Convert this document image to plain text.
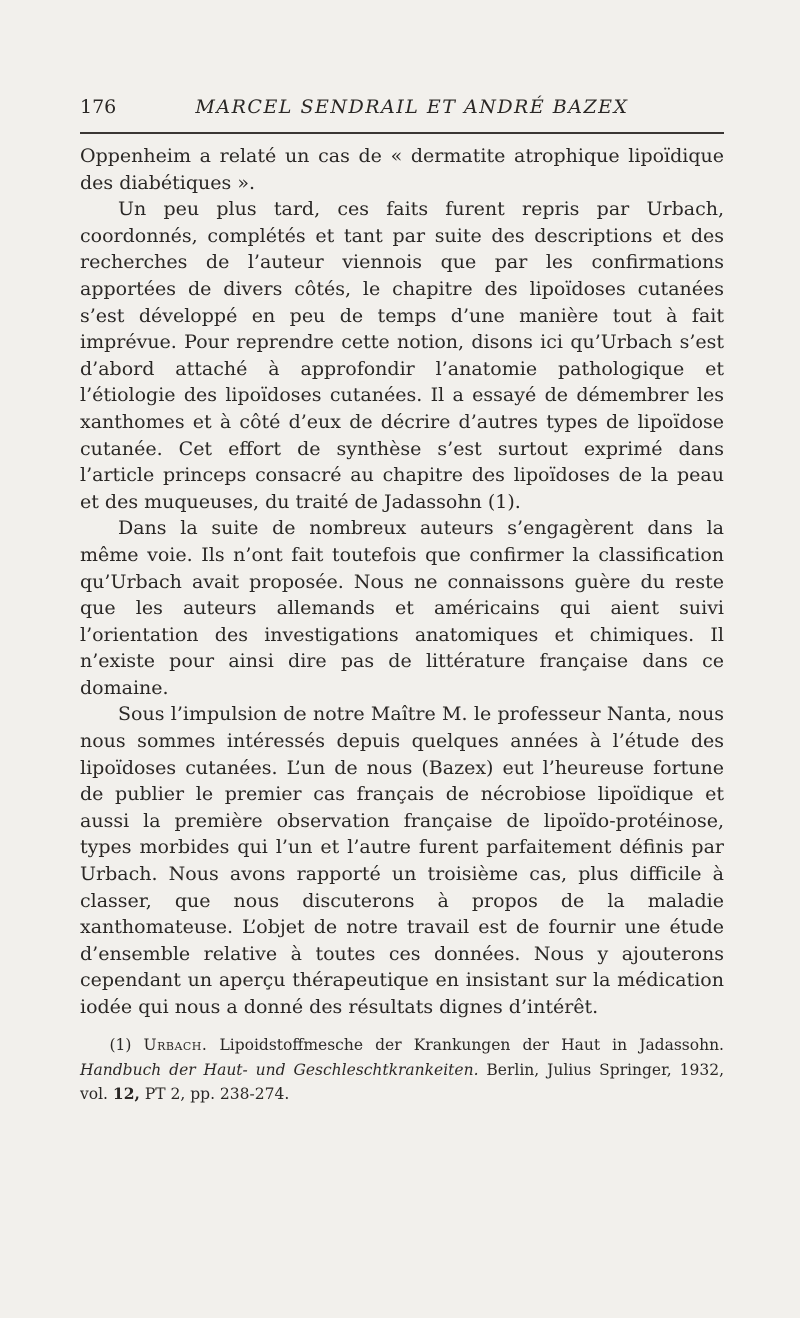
176	MARCEL SENDRAIL ET ANDRÉ BAZEX

Oppenheim a relaté un cas de « dermatite atrophique lipoïdique des diabétiques ».

Un peu plus tard, ces faits furent repris par Urbach, coordonnés, complétés et tant par suite des descriptions et des recherches de l’auteur viennois que par les confirmations apportées de divers côtés, le chapitre des lipoïdoses cutanées s’est développé en peu de temps d’une manière tout à fait imprévue. Pour reprendre cette notion, disons ici qu’Urbach s’est d’abord attaché à approfondir l’anatomie pathologique et l’étiologie des lipoïdoses cutanées. Il a essayé de démembrer les xanthomes et à côté d’eux de décrire d’autres types de lipoïdose cutanée. Cet effort de synthèse s’est surtout exprimé dans l’article princeps consacré au chapitre des lipoïdoses de la peau et des muqueuses, du traité de Jadassohn (1).

Dans la suite de nombreux auteurs s’engagèrent dans la même voie. Ils n’ont fait toutefois que confirmer la classification qu’Urbach avait proposée. Nous ne connaissons guère du reste que les auteurs allemands et américains qui aient suivi l’orientation des investigations anatomiques et chimiques. Il n’existe pour ainsi dire pas de littérature française dans ce domaine.

Sous l’impulsion de notre Maître M. le professeur Nanta, nous nous sommes intéressés depuis quelques années à l’étude des lipoïdoses cutanées. L’un de nous (Bazex) eut l’heureuse fortune de publier le premier cas français de nécrobiose lipoïdique et aussi la première observation française de lipoïdo-protéinose, types morbides qui l’un et l’autre furent parfaitement définis par Urbach. Nous avons rapporté un troisième cas, plus difficile à classer, que nous discuterons à propos de la maladie xanthomateuse. L’objet de notre travail est de fournir une étude d’ensemble relative à toutes ces données. Nous y ajouterons cependant un aperçu thérapeutique en insistant sur la médication iodée qui nous a donné des résultats dignes d’intérêt.

(1) Urbach. Lipoidstoffmesche der Krankungen der Haut in Jadassohn. Handbuch der Haut- und Geschleschtkrankeiten. Berlin, Julius Springer, 1932, vol. 12, PT 2, pp. 238-274.
